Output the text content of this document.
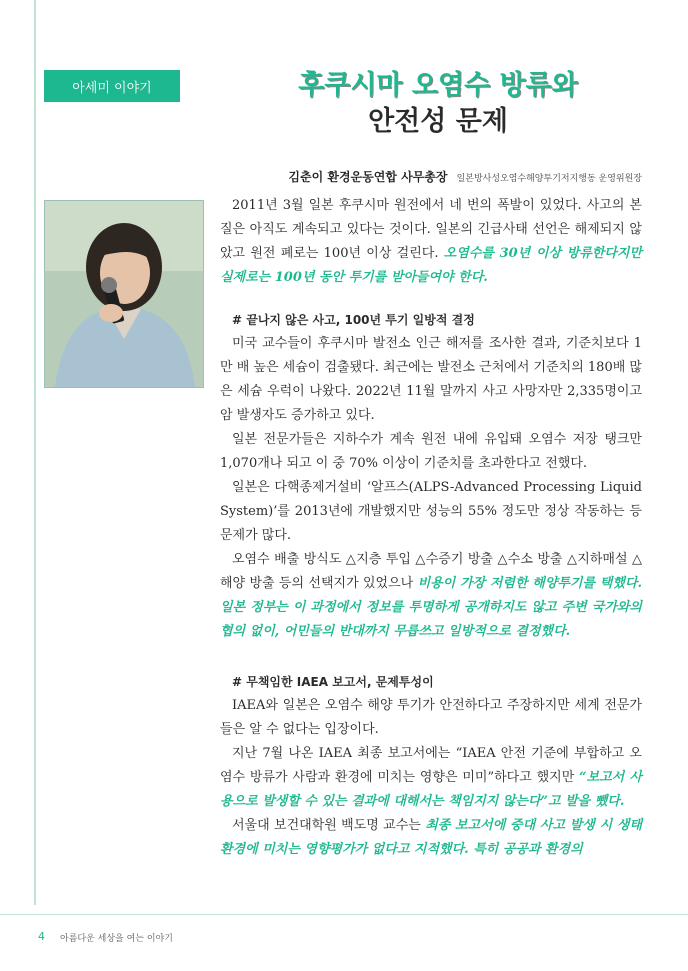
아세미 이야기	후쿠시마 오염수 방류와
안전성 문제
김춘이 환경운동연합 사무총장 일본방사성오염수해양투기저지행동 운영위원장

2011년 3월 일본 후쿠시마 원전에서 네 번의 폭발이 있었다. 사고의 본질은 아직도 계속되고 있다는 것이다. 일본의 긴급사태 선언은 해제되지 않았고 원전 폐로는 100년 이상 걸린다. 오염수를 30년 이상 방류한다지만 실제로는 100년 동안 투기를 받아들여야 한다.

# 끝나지 않은 사고, 100년 투기 일방적 결정

미국 교수들이 후쿠시마 발전소 인근 해저를 조사한 결과, 기준치보다 1만 배 높은 세슘이 검출됐다. 최근에는 발전소 근처에서 기준치의 180배 많은 세슘 우럭이 나왔다. 2022년 11월 말까지 사고 사망자만 2,335명이고 암 발생자도 증가하고 있다.

일본 전문가들은 지하수가 계속 원전 내에 유입돼 오염수 저장 탱크만 1,070개나 되고 이 중 70% 이상이 기준치를 초과한다고 전했다.

일본은 다핵종제거설비 ‘알프스(ALPS-Advanced Processing Liquid System)’를 2013년에 개발했지만 성능의 55% 정도만 정상 작동하는 등 문제가 많다.

오염수 배출 방식도 △지층 투입 △수증기 방출 △수소 방출 △지하매설 △ 해양 방출 등의 선택지가 있었으나 비용이 가장 저렴한 해양투기를 택했다. 일본 정부는 이 과정에서 정보를 투명하게 공개하지도 않고 주변 국가와의 협의 없이, 어민들의 반대까지 무릅쓰고 일방적으로 결정했다.

# 무책임한 IAEA 보고서, 문제투성이

IAEA와 일본은 오염수 해양 투기가 안전하다고 주장하지만 세계 전문가들은 알 수 없다는 입장이다.

지난 7월 나온 IAEA 최종 보고서에는 “IAEA 안전 기준에 부합하고 오염수 방류가 사람과 환경에 미치는 영향은 미미”하다고 했지만 “보고서 사용으로 발생할 수 있는 결과에 대해서는 책임지지 않는다”고 발을 뺐다.

서울대 보건대학원 백도명 교수는 최종 보고서에 중대 사고 발생 시 생태환경에 미치는 영향평가가 없다고 지적했다. 특히 공공과 환경의

4 아름다운 세상을 여는 이야기
